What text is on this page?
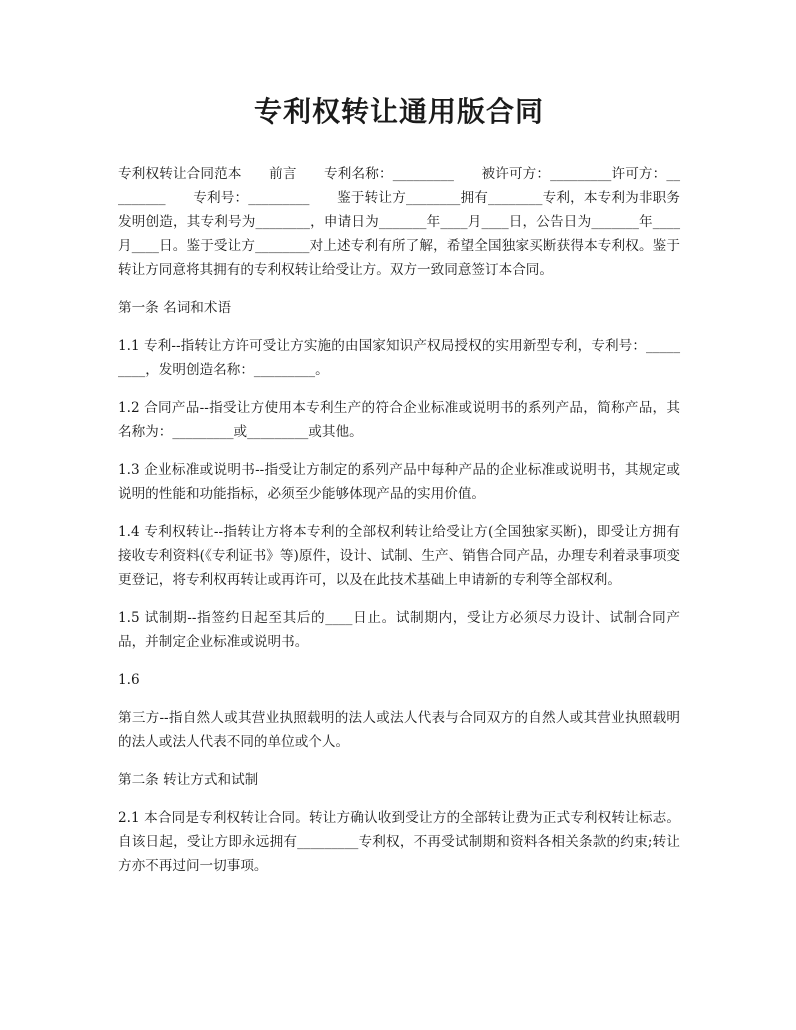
专利权转让通用版合同

专利权转让合同范本　　前言　　专利名称：_________　　被许可方：_________许可方：_________　　专利号：_________　　鉴于转让方________拥有________专利，本专利为非职务发明创造，其专利号为________，申请日为_______年____月____日，公告日为_______年____月____日。鉴于受让方________对上述专利有所了解，希望全国独家买断获得本专利权。鉴于转让方同意将其拥有的专利权转让给受让方。双方一致同意签订本合同。

第一条 名词和术语

1.1 专利--指转让方许可受让方实施的由国家知识产权局授权的实用新型专利，专利号：_________，发明创造名称：_________。

1.2 合同产品--指受让方使用本专利生产的符合企业标准或说明书的系列产品，简称产品，其名称为：_________或_________或其他。

1.3 企业标准或说明书--指受让方制定的系列产品中每种产品的企业标准或说明书，其规定或说明的性能和功能指标，必须至少能够体现产品的实用价值。

1.4 专利权转让--指转让方将本专利的全部权利转让给受让方(全国独家买断)，即受让方拥有接收专利资料(《专利证书》等)原件，设计、试制、生产、销售合同产品，办理专利着录事项变更登记，将专利权再转让或再许可，以及在此技术基础上申请新的专利等全部权利。

1.5 试制期--指签约日起至其后的____日止。试制期内，受让方必须尽力设计、试制合同产品，并制定企业标准或说明书。

1.6

第三方--指自然人或其营业执照载明的法人或法人代表与合同双方的自然人或其营业执照载明的法人或法人代表不同的单位或个人。

第二条 转让方式和试制

2.1 本合同是专利权转让合同。转让方确认收到受让方的全部转让费为正式专利权转让标志。自该日起，受让方即永远拥有_________专利权，不再受试制期和资料各相关条款的约束;转让方亦不再过问一切事项。
